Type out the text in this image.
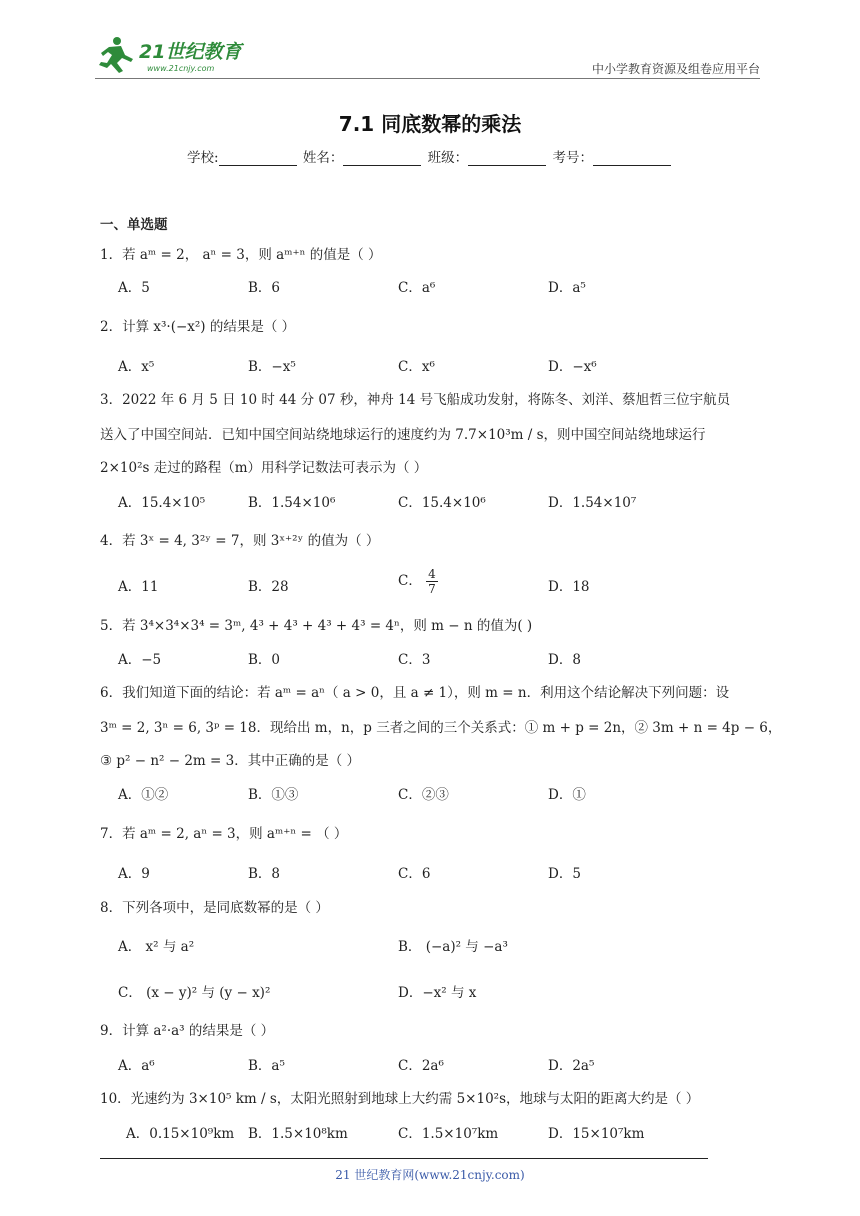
21世纪教育
www.21cnjy.com	中小学教育资源及组卷应用平台
7.1 同底数幂的乘法
学校:	姓名：	班级：	考号：
一、单选题
1．若 aᵐ = 2， aⁿ = 3，则 aᵐ⁺ⁿ 的值是（ ）
A．5	B．6	C．a⁶	D．a⁵
2．计算 x³·(−x²) 的结果是（ ）
A．x⁵	B．−x⁵	C．x⁶	D．−x⁶
3．2022 年 6 月 5 日 10 时 44 分 07 秒，神舟 14 号飞船成功发射，将陈冬、刘洋、蔡旭哲三位宇航员
送入了中国空间站．已知中国空间站绕地球运行的速度约为 7.7×10³m / s，则中国空间站绕地球运行
2×10²s 走过的路程（m）用科学记数法可表示为（ ）
A．15.4×10⁵	B．1.54×10⁶	C．15.4×10⁶	D．1.54×10⁷
4．若 3ˣ = 4, 3²ʸ = 7，则 3ˣ⁺²ʸ 的值为（ ）
A．11	B．28	C． $\frac{4}{7}$	D．18
5．若 3⁴×3⁴×3⁴ = 3ᵐ, 4³ + 4³ + 4³ + 4³ = 4ⁿ，则 m − n 的值为( )
A．−5	B．0	C．3	D．8
6．我们知道下面的结论：若 aᵐ = aⁿ（ a > 0，且 a ≠ 1），则 m = n．利用这个结论解决下列问题：设
3ᵐ = 2, 3ⁿ = 6, 3ᵖ = 18．现给出 m，n，p 三者之间的三个关系式：① m + p = 2n，② 3m + n = 4p − 6，
③ p² − n² − 2m = 3．其中正确的是（ ）
A．①②	B．①③	C．②③	D．①
7．若 aᵐ = 2, aⁿ = 3，则 aᵐ⁺ⁿ = （ ）
A．9	B．8	C．6	D．5
8．下列各项中，是同底数幂的是（ ）
A． x² 与 a²	B． (−a)² 与 −a³
C． (x − y)² 与 (y − x)²	D．−x² 与 x
9．计算 a²·a³ 的结果是（ ）
A．a⁶	B．a⁵	C．2a⁶	D．2a⁵
10．光速约为 3×10⁵ km / s，太阳光照射到地球上大约需 5×10²s，地球与太阳的距离大约是（ ）
A．0.15×10⁹km B．1.5×10⁸km	C．1.5×10⁷km	D．15×10⁷km
21 世纪教育网(www.21cnjy.com)
